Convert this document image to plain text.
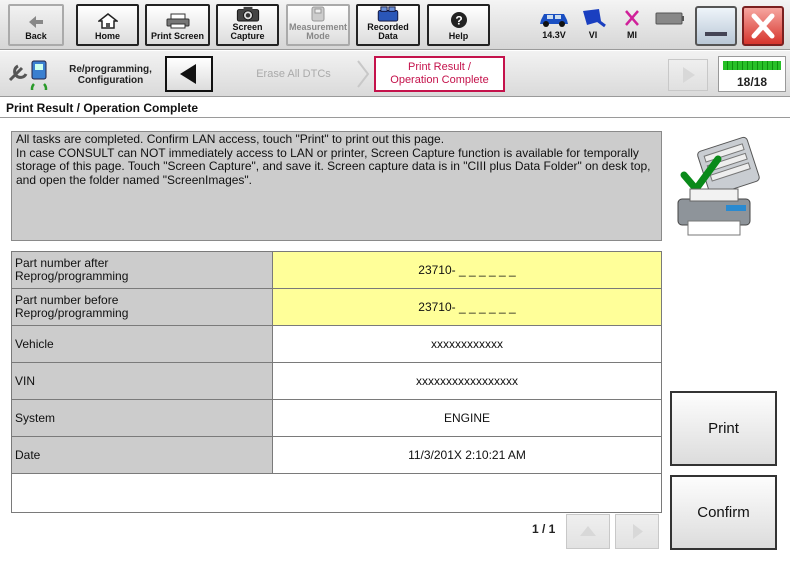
Back	Home	Print Screen
Screen
Capture
Measurement
Mode
Recorded
Data
?
Help	14.3V	VI	MI
Re/programming,
Configuration
Erase All DTCs
Print Result /
Operation Complete	18/18
Print Result / Operation Complete

All tasks are completed. Confirm LAN access, touch "Print" to print out this page.

In case CONSULT can NOT immediately access to LAN or printer, Screen Capture function is available for temporally storage of this page. Touch "Screen Capture", and save it. Screen capture data is in "CIII plus Data Folder" on desk top, and open the folder named "ScreenImages".

Part number after
Reprog/programming	23710- _ _ _ _ _ _

Part number before
Reprog/programming	23710- _ _ _ _ _ _

Vehicle	xxxxxxxxxxxx

VIN	xxxxxxxxxxxxxxxxx

System	ENGINE

Date	11/3/201X 2:10:21 AM

1 / 1
Print
Confirm
